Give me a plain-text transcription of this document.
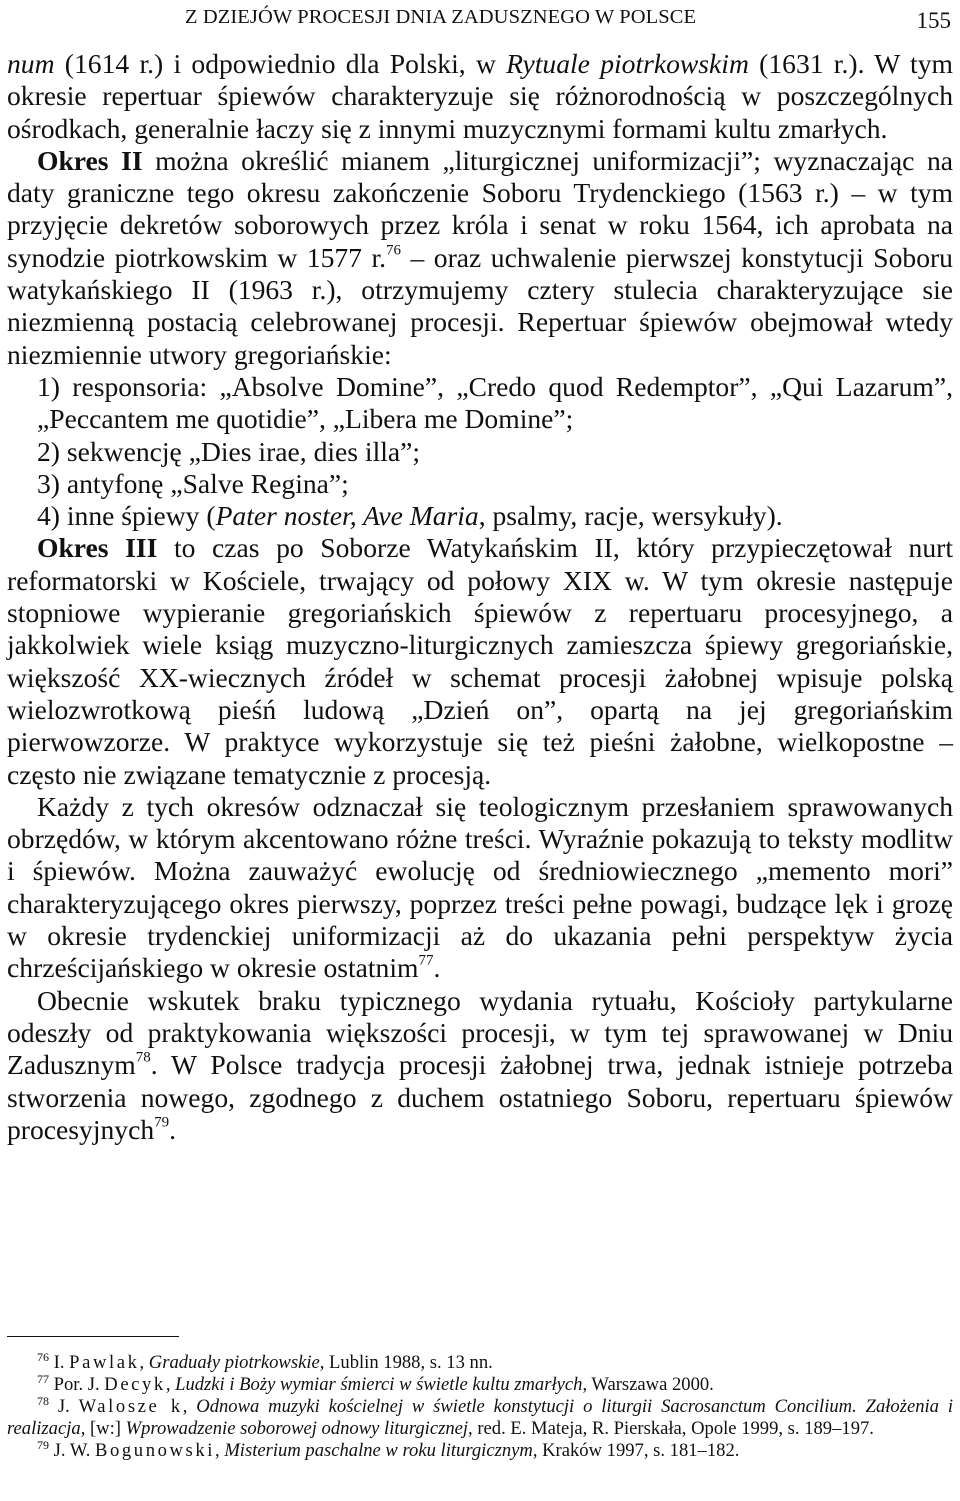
Z DZIEJÓW PROCESJI DNIA ZADUSZNEGO W POLSCE	155

num (1614 r.) i odpowiednio dla Polski, w Rytuale piotrkowskim (1631 r.). W tym okresie repertuar śpiewów charakteryzuje się różnorodnością w poszczególnych ośrodkach, generalnie łaczy się z innymi muzycznymi formami kultu zmarłych.

Okres II można określić mianem „liturgicznej uniformizacji”; wyznaczając na daty graniczne tego okresu zakończenie Soboru Trydenckiego (1563 r.) – w tym przyjęcie dekretów soborowych przez króla i senat w roku 1564, ich aprobata na synodzie piotrkowskim w 1577 r.$^{76}$ – oraz uchwalenie pierwszej konstytucji Soboru watykańskiego II (1963 r.), otrzymujemy cztery stulecia charakteryzujące sie niezmienną postacią celebrowanej procesji. Repertuar śpiewów obejmował wtedy niezmiennie utwory gregoriańskie:

1) responsoria: „Absolve Domine”, „Credo quod Redemptor”, „Qui Lazarum”, „Peccantem me quotidie”, „Libera me Domine”;

2) sekwencję „Dies irae, dies illa”;

3) antyfonę „Salve Regina”;

4) inne śpiewy (Pater noster, Ave Maria, psalmy, racje, wersykuły).

Okres III to czas po Soborze Watykańskim II, który przypieczętował nurt reformatorski w Kościele, trwający od połowy XIX w. W tym okresie następuje stopniowe wypieranie gregoriańskich śpiewów z repertuaru procesyjnego, a jakkolwiek wiele ksiąg muzyczno-liturgicznych zamieszcza śpiewy gregoriańskie, większość XX-wiecznych źródeł w schemat procesji żałobnej wpisuje polską wielozwrotkową pieśń ludową „Dzień on”, opartą na jej gregoriańskim pierwowzorze. W praktyce wykorzystuje się też pieśni żałobne, wielkopostne – często nie związane tematycznie z procesją.

Każdy z tych okresów odznaczał się teologicznym przesłaniem sprawowanych obrzędów, w którym akcentowano różne treści. Wyraźnie pokazują to teksty modlitw i śpiewów. Można zauważyć ewolucję od średniowiecznego „memento mori” charakteryzującego okres pierwszy, poprzez treści pełne powagi, budzące lęk i grozę w okresie trydenckiej uniformizacji aż do ukazania pełni perspektyw życia chrześcijańskiego w okresie ostatnim$^{77}$.

Obecnie wskutek braku typicznego wydania rytuału, Kościoły partykularne odeszły od praktykowania większości procesji, w tym tej sprawowanej w Dniu Zadusznym$^{78}$. W Polsce tradycja procesji żałobnej trwa, jednak istnieje potrzeba stworzenia nowego, zgodnego z duchem ostatniego Soboru, repertuaru śpiewów procesyjnych$^{79}$.

$^{76}$ I. Pawlak, Graduały piotrkowskie, Lublin 1988, s. 13 nn.

$^{77}$ Por. J. Decyk, Ludzki i Boży wymiar śmierci w świetle kultu zmarłych, Warszawa 2000.

$^{78}$ J. Walosze k, Odnowa muzyki kościelnej w świetle konstytucji o liturgii Sacrosanctum Concilium. Założenia i realizacja, [w:] Wprowadzenie soborowej odnowy liturgicznej, red. E. Mateja, R. Pierskała, Opole 1999, s. 189–197.

$^{79}$ J. W. Bogunowski, Misterium paschalne w roku liturgicznym, Kraków 1997, s. 181–182.
